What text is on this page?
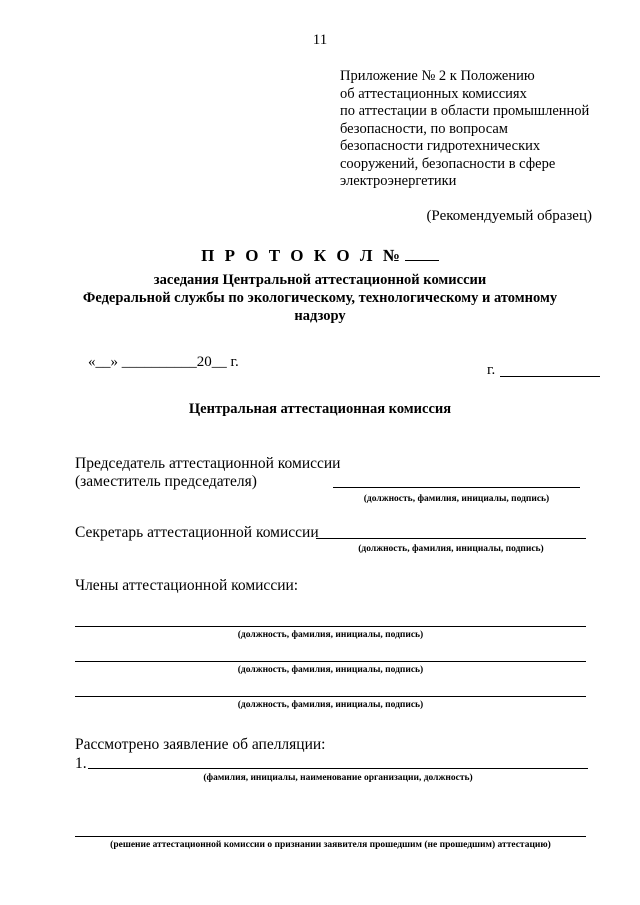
11
Приложение № 2 к Положению
об аттестационных комиссиях
по аттестации в области промышленной
безопасности, по вопросам
безопасности гидротехнических
сооружений, безопасности в сфере
электроэнергетики
(Рекомендуемый образец)
П Р О Т О К О Л №
заседания Центральной аттестационной комиссии
Федеральной службы по экологическому, технологическому и атомному
надзору
«__» __________20__ г.	г.
Центральная аттестационная комиссия
Председатель аттестационной комиссии
(заместитель председателя)
(должность, фамилия, инициалы, подпись)
Секретарь аттестационной комиссии
(должность, фамилия, инициалы, подпись)
Члены аттестационной комиссии:
(должность, фамилия, инициалы, подпись)
(должность, фамилия, инициалы, подпись)
(должность, фамилия, инициалы, подпись)
Рассмотрено заявление об апелляции:
1.
(фамилия, инициалы, наименование организации, должность)
(решение аттестационной комиссии о признании заявителя прошедшим (не прошедшим) аттестацию)
